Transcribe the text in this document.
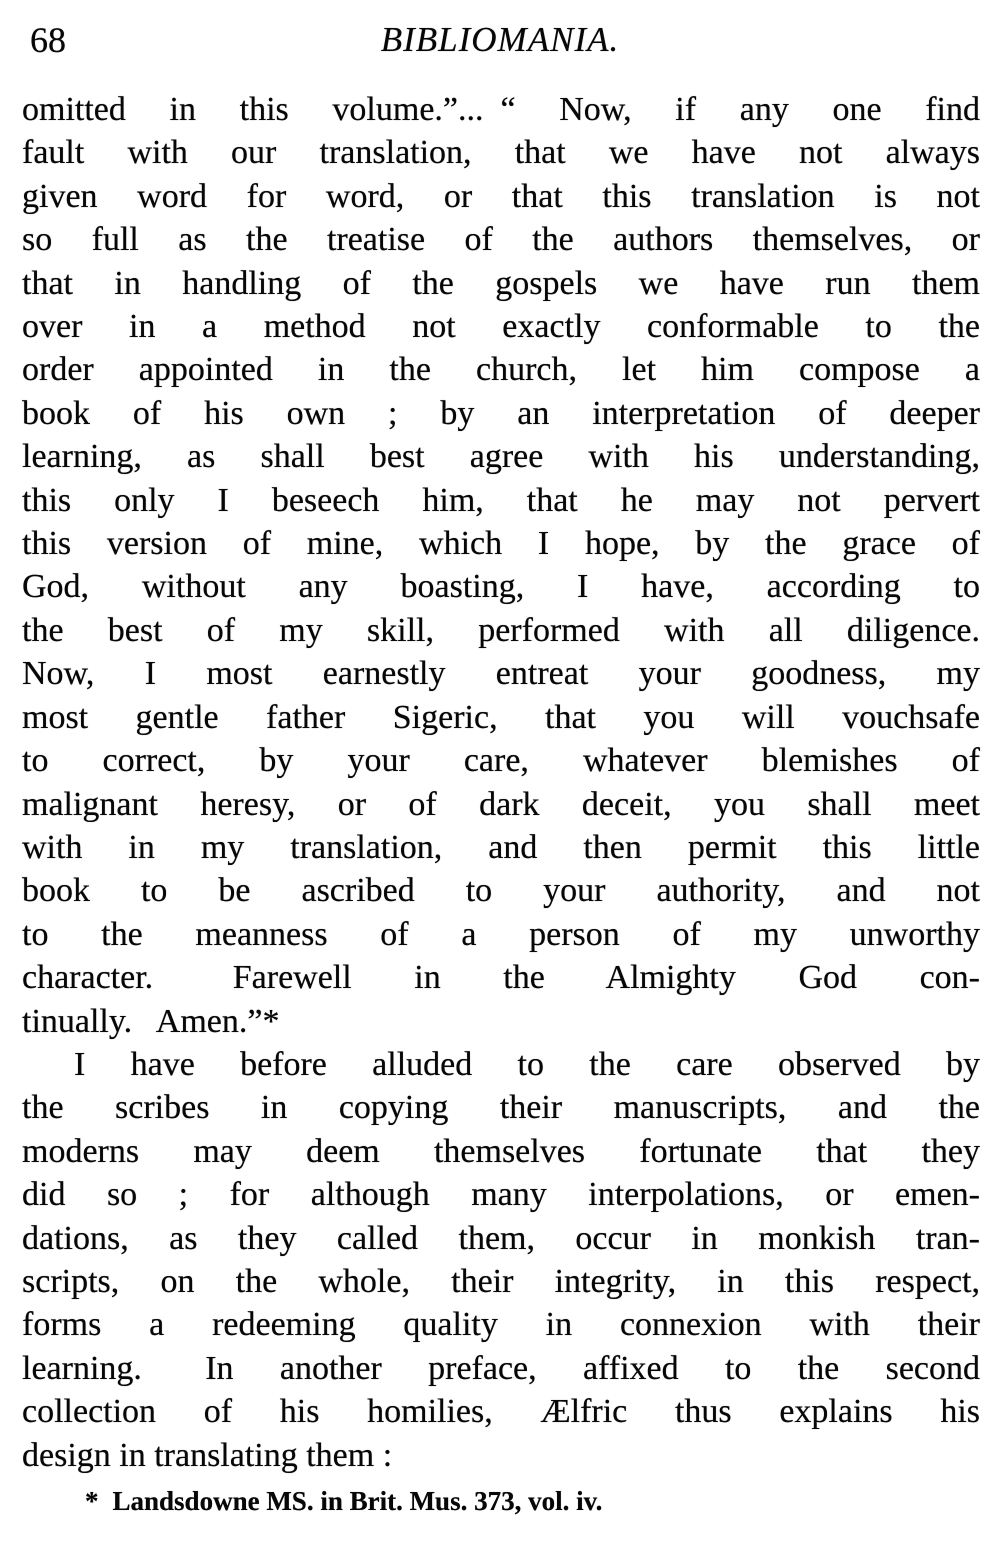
68	BIBLIOMANIA.
omitted in this volume.”... “ Now, if any one find
fault with our translation, that we have not always
given word for word, or that this translation is not
so full as the treatise of the authors themselves, or
that in handling of the gospels we have run them
over in a method not exactly conformable to the
order appointed in the church, let him compose a
book of his own ; by an interpretation of deeper
learning, as shall best agree with his understanding,
this only I beseech him, that he may not pervert
this version of mine, which I hope, by the grace of
God, without any boasting, I have, according to
the best of my skill, performed with all diligence.
Now, I most earnestly entreat your goodness, my
most gentle father Sigeric, that you will vouchsafe
to correct, by your care, whatever blemishes of
malignant heresy, or of dark deceit, you shall meet
with in my translation, and then permit this little
book to be ascribed to your authority, and not
to the meanness of a person of my unworthy
character.  Farewell in the Almighty God con-
tinually.  Amen.”*
I have before alluded to the care observed by
the scribes in copying their manuscripts, and the
moderns may deem themselves fortunate that they
did so ; for although many interpolations, or emen-
dations, as they called them, occur in monkish tran-
scripts, on the whole, their integrity, in this respect,
forms a redeeming quality in connexion with their
learning.  In another preface, affixed to the second
collection of his homilies, Ælfric thus explains his
design in translating them :
* Landsdowne MS. in Brit. Mus. 373, vol. iv.
